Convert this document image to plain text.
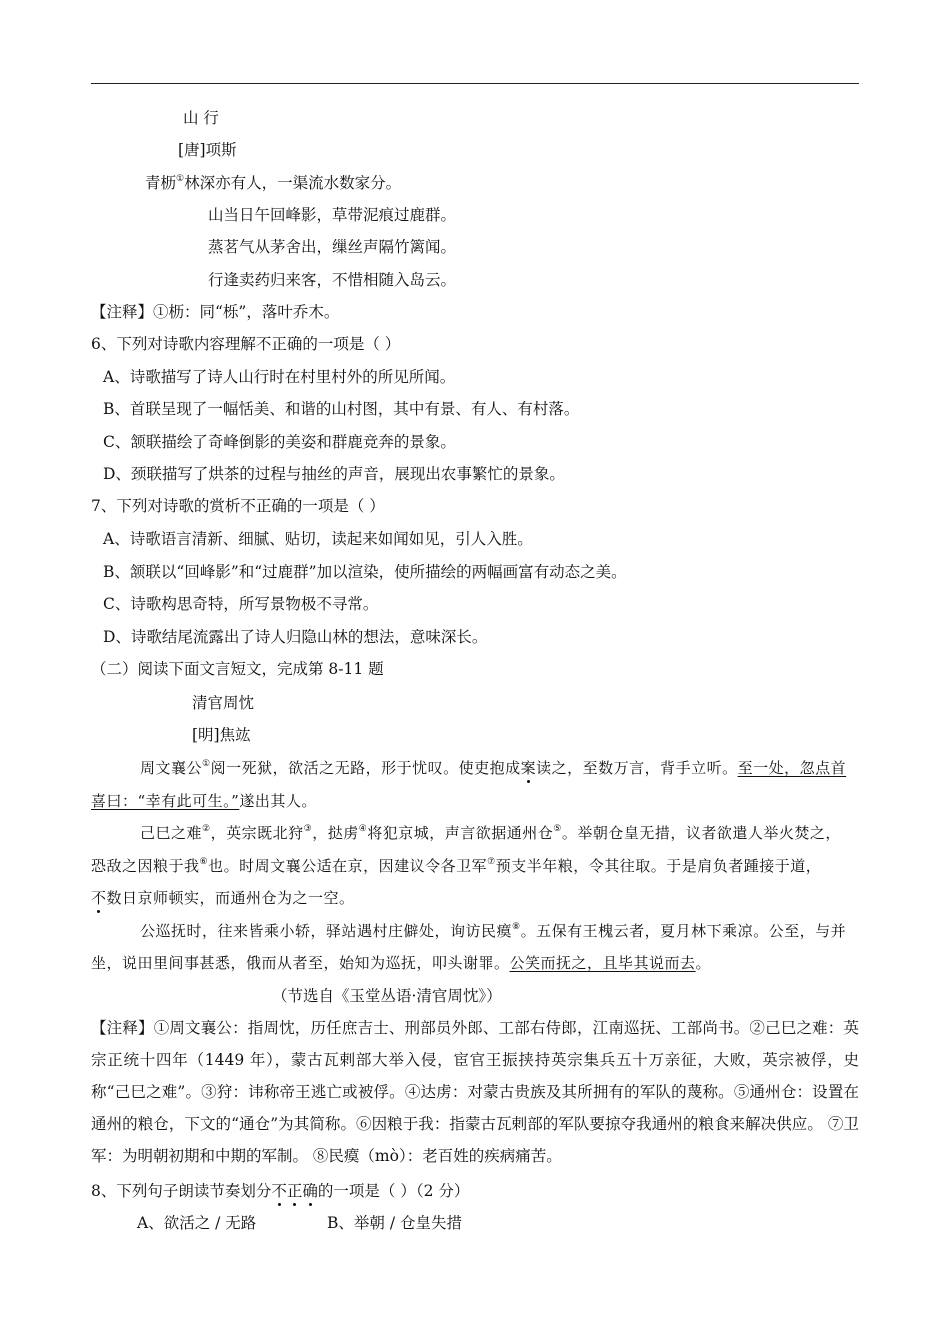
山 行
[唐]项斯
青枥①林深亦有人，一渠流水数家分。
山当日午回峰影，草带泥痕过鹿群。
蒸茗气从茅舍出，缫丝声隔竹篱闻。
行逢卖药归来客，不惜相随入岛云。
【注释】①枥：同“栎”，落叶乔木。
6、下列对诗歌内容理解不正确的一项是（ ）
A、诗歌描写了诗人山行时在村里村外的所见所闻。
B、首联呈现了一幅恬美、和谐的山村图，其中有景、有人、有村落。
C、颔联描绘了奇峰倒影的美姿和群鹿竞奔的景象。
D、颈联描写了烘茶的过程与抽丝的声音，展现出农事繁忙的景象。
7、下列对诗歌的赏析不正确的一项是（ ）
A、诗歌语言清新、细腻、贴切，读起来如闻如见，引人入胜。
B、颔联以“回峰影”和“过鹿群”加以渲染，使所描绘的两幅画富有动态之美。
C、诗歌构思奇特，所写景物极不寻常。
D、诗歌结尾流露出了诗人归隐山林的想法，意味深长。
（二）阅读下面文言短文，完成第 8-11 题
清官周忱
[明]焦竑
周文襄公①阅一死狱，欲活之无路，形于忧叹。使吏抱成案读之，至数万言，背手立听。至一处，忽点首
喜曰：“幸有此可生。”遂出其人。
己巳之难②，英宗既北狩③，挞虏④将犯京城，声言欲据通州仓⑤。举朝仓皇无措，议者欲遣人举火焚之，
恐敌之因粮于我⑥也。时周文襄公适在京，因建议令各卫军⑦预支半年粮，令其往取。于是肩负者踵接于道，
不数日京师顿实，而通州仓为之一空。
公巡抚时，往来皆乘小轿，驿站遇村庄僻处，询访民瘼⑧。五保有王槐云者，夏月林下乘凉。公至，与并
坐，说田里间事甚悉，俄而从者至，始知为巡抚，叩头谢罪。公笑而抚之，且毕其说而去。
（节选自《玉堂丛语·清官周忱》）
【注释】①周文襄公：指周忱，历任庶吉士、刑部员外郎、工部右侍郎，江南巡抚、工部尚书。②己巳之难：英宗正统十四年（1449 年），蒙古瓦剌部大举入侵，宦官王振挟持英宗集兵五十万亲征，大败，英宗被俘，史称“己巳之难”。③狩：讳称帝王逃亡或被俘。④达虏：对蒙古贵族及其所拥有的军队的蔑称。⑤通州仓：设置在通州的粮仓，下文的“通仓”为其简称。⑥因粮于我：指蒙古瓦剌部的军队要掠夺我通州的粮食来解决供应。 ⑦卫军：为明朝初期和中期的军制。 ⑧民瘼（mò）：老百姓的疾病痛苦。
8、下列句子朗读节奏划分不正确的一项是（ ）（2 分）
A、欲活之 / 无路	B、举朝 / 仓皇失措
